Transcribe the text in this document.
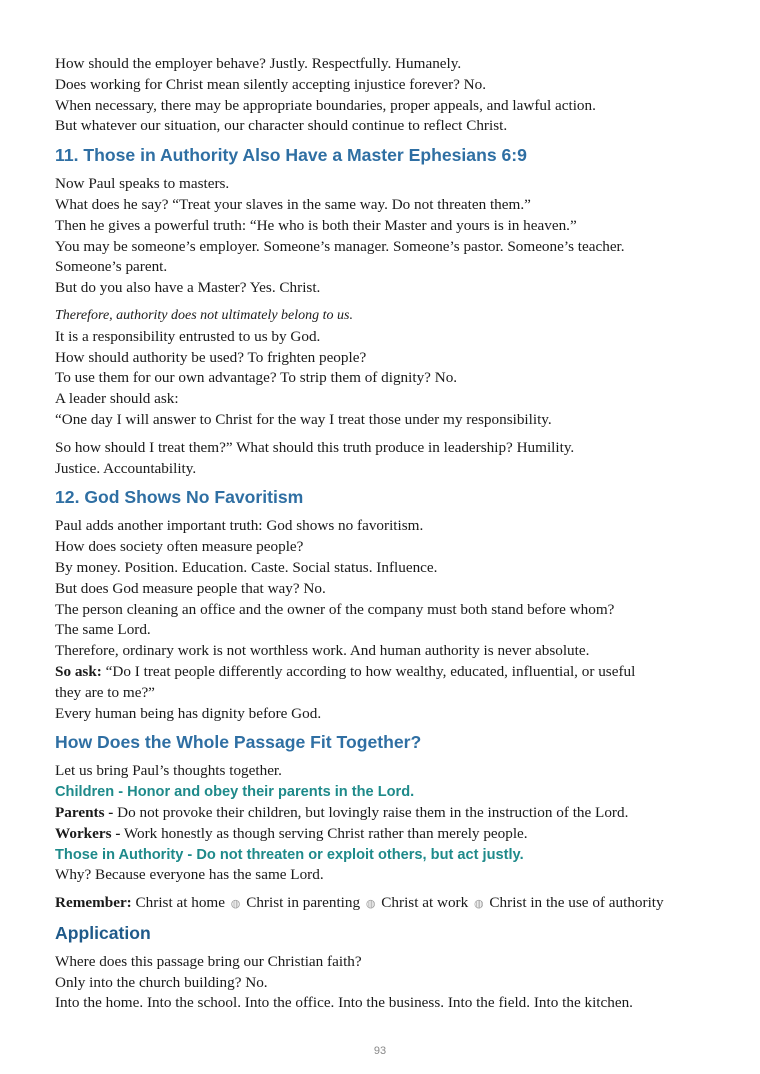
How should the employer behave? Justly. Respectfully. Humanely.

Does working for Christ mean silently accepting injustice forever? No.

When necessary, there may be appropriate boundaries, proper appeals, and lawful action.

But whatever our situation, our character should continue to reflect Christ.

11. Those in Authority Also Have a Master Ephesians 6:9

Now Paul speaks to masters.

What does he say? “Treat your slaves in the same way. Do not threaten them.”

Then he gives a powerful truth: “He who is both their Master and yours is in heaven.”

You may be someone’s employer. Someone’s manager. Someone’s pastor. Someone’s teacher.

Someone’s parent.

But do you also have a Master? Yes. Christ.

Therefore, authority does not ultimately belong to us.

It is a responsibility entrusted to us by God.

How should authority be used? To frighten people?

To use them for our own advantage? To strip them of dignity? No.

A leader should ask:

“One day I will answer to Christ for the way I treat those under my responsibility.

So how should I treat them?” What should this truth produce in leadership? Humility.

Justice. Accountability.

12. God Shows No Favoritism

Paul adds another important truth: God shows no favoritism.

How does society often measure people?

By money. Position. Education. Caste. Social status. Influence.

But does God measure people that way? No.

The person cleaning an office and the owner of the company must both stand before whom?

The same Lord.

Therefore, ordinary work is not worthless work. And human authority is never absolute.

So ask: “Do I treat people differently according to how wealthy, educated, influential, or useful

they are to me?”

Every human being has dignity before God.

How Does the Whole Passage Fit Together?

Let us bring Paul’s thoughts together.

Children - Honor and obey their parents in the Lord.

Parents - Do not provoke their children, but lovingly raise them in the instruction of the Lord.

Workers - Work honestly as though serving Christ rather than merely people.

Those in Authority - Do not threaten or exploit others, but act justly.

Why? Because everyone has the same Lord.

Remember: Christ at home ◍ Christ in parenting ◍ Christ at work ◍ Christ in the use of authority

Application

Where does this passage bring our Christian faith?

Only into the church building? No.

Into the home. Into the school. Into the office. Into the business. Into the field. Into the kitchen.

93
